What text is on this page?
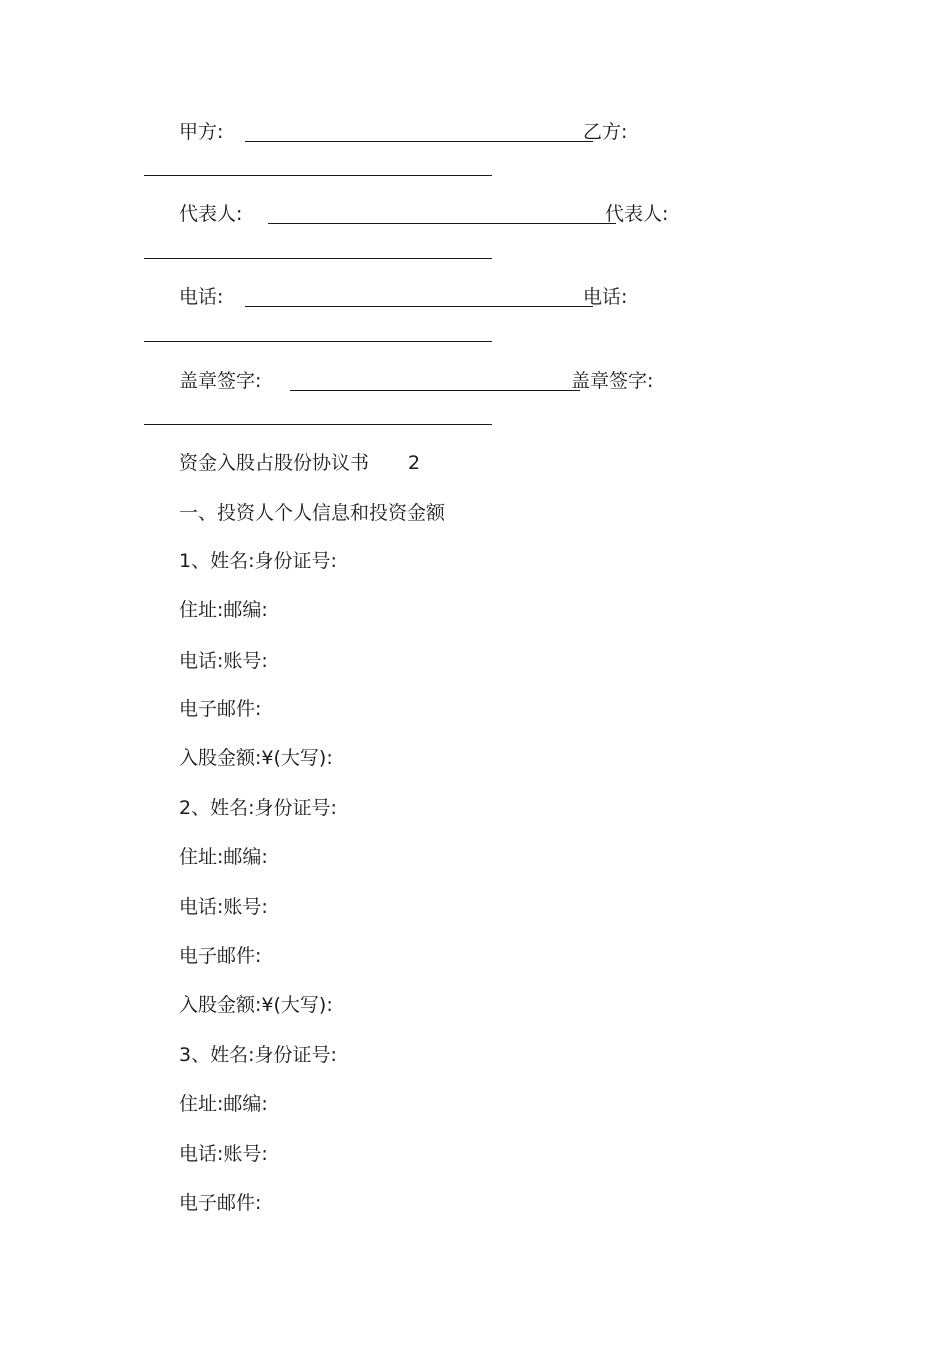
甲方:	乙方:
代表人:	代表人:
电话:	电话:
盖章签字:	盖章签字:
资金入股占股份协议书 2
一、投资人个人信息和投资金额
1、姓名:身份证号:
住址:邮编:
电话:账号:
电子邮件:
入股金额:¥(大写):
2、姓名:身份证号:
住址:邮编:
电话:账号:
电子邮件:
入股金额:¥(大写):
3、姓名:身份证号:
住址:邮编:
电话:账号:
电子邮件:
